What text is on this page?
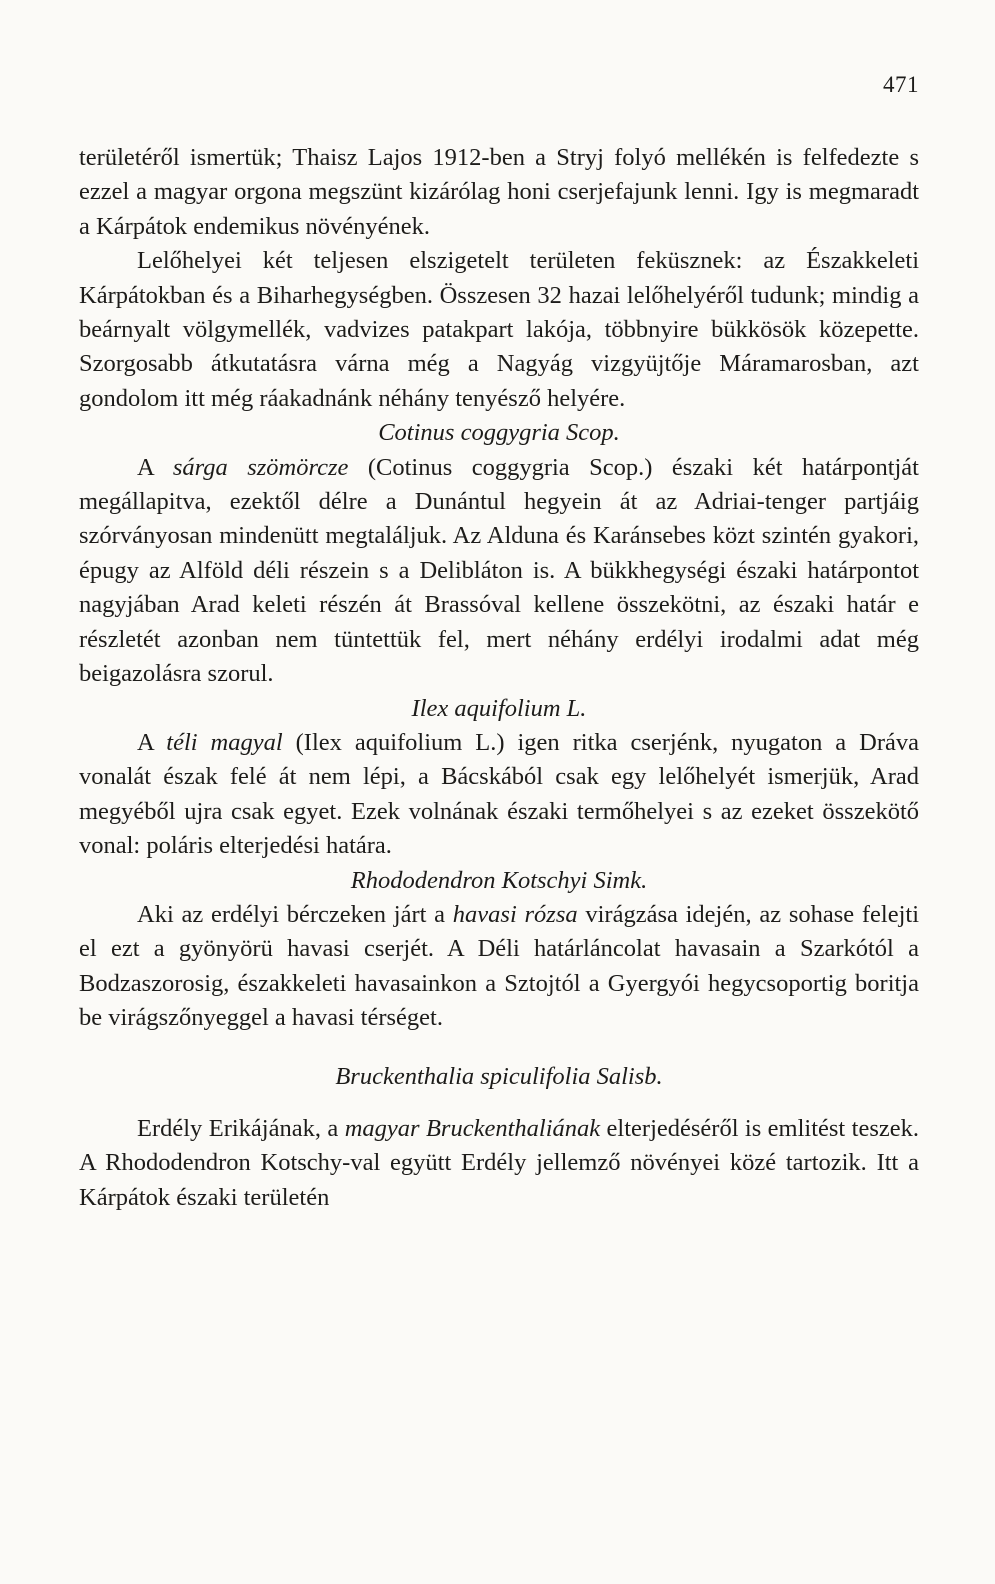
471

területéről ismertük; Thaisz Lajos 1912-ben a Stryj folyó mellékén is felfedezte s ezzel a magyar orgona megszünt kizárólag honi cserjefajunk lenni. Igy is megmaradt a Kárpátok endemikus növényének.

Lelőhelyei két teljesen elszigetelt területen feküsznek: az Északkeleti Kárpátokban és a Biharhegységben. Összesen 32 hazai lelőhelyéről tudunk; mindig a beárnyalt völgymellék, vadvizes patakpart lakója, többnyire bükkösök közepette. Szorgosabb átkutatásra várna még a Nagyág vizgyüjtője Máramarosban, azt gondolom itt még ráakadnánk néhány tenyésző helyére.

Cotinus coggygria Scop.

A sárga szömörcze (Cotinus coggygria Scop.) északi két határpontját megállapitva, ezektől délre a Dunántul hegyein át az Adriai-tenger partjáig szórványosan mindenütt megtaláljuk. Az Alduna és Karánsebes közt szintén gyakori, épugy az Alföld déli részein s a Delibláton is. A bükkhegységi északi határpontot nagyjában Arad keleti részén át Brassóval kellene összekötni, az északi határ e részletét azonban nem tüntettük fel, mert néhány erdélyi irodalmi adat még beigazolásra szorul.

Ilex aquifolium L.

A téli magyal (Ilex aquifolium L.) igen ritka cserjénk, nyugaton a Dráva vonalát észak felé át nem lépi, a Bácskából csak egy lelőhelyét ismerjük, Arad megyéből ujra csak egyet. Ezek volnának északi termőhelyei s az ezeket összekötő vonal: poláris elterjedési határa.

Rhododendron Kotschyi Simk.

Aki az erdélyi bérczeken járt a havasi rózsa virágzása idején, az sohase felejti el ezt a gyönyörü havasi cserjét. A Déli határláncolat havasain a Szarkótól a Bodzaszorosig, északkeleti havasainkon a Sztojtól a Gyergyói hegycsoportig boritja be virágszőnyeggel a havasi térséget.

Bruckenthalia spiculifolia Salisb.

Erdély Erikájának, a magyar Bruckenthaliának elterjedéséről is emlitést teszek. A Rhododendron Kotschy-val együtt Erdély jellemző növényei közé tartozik. Itt a Kárpátok északi területén
